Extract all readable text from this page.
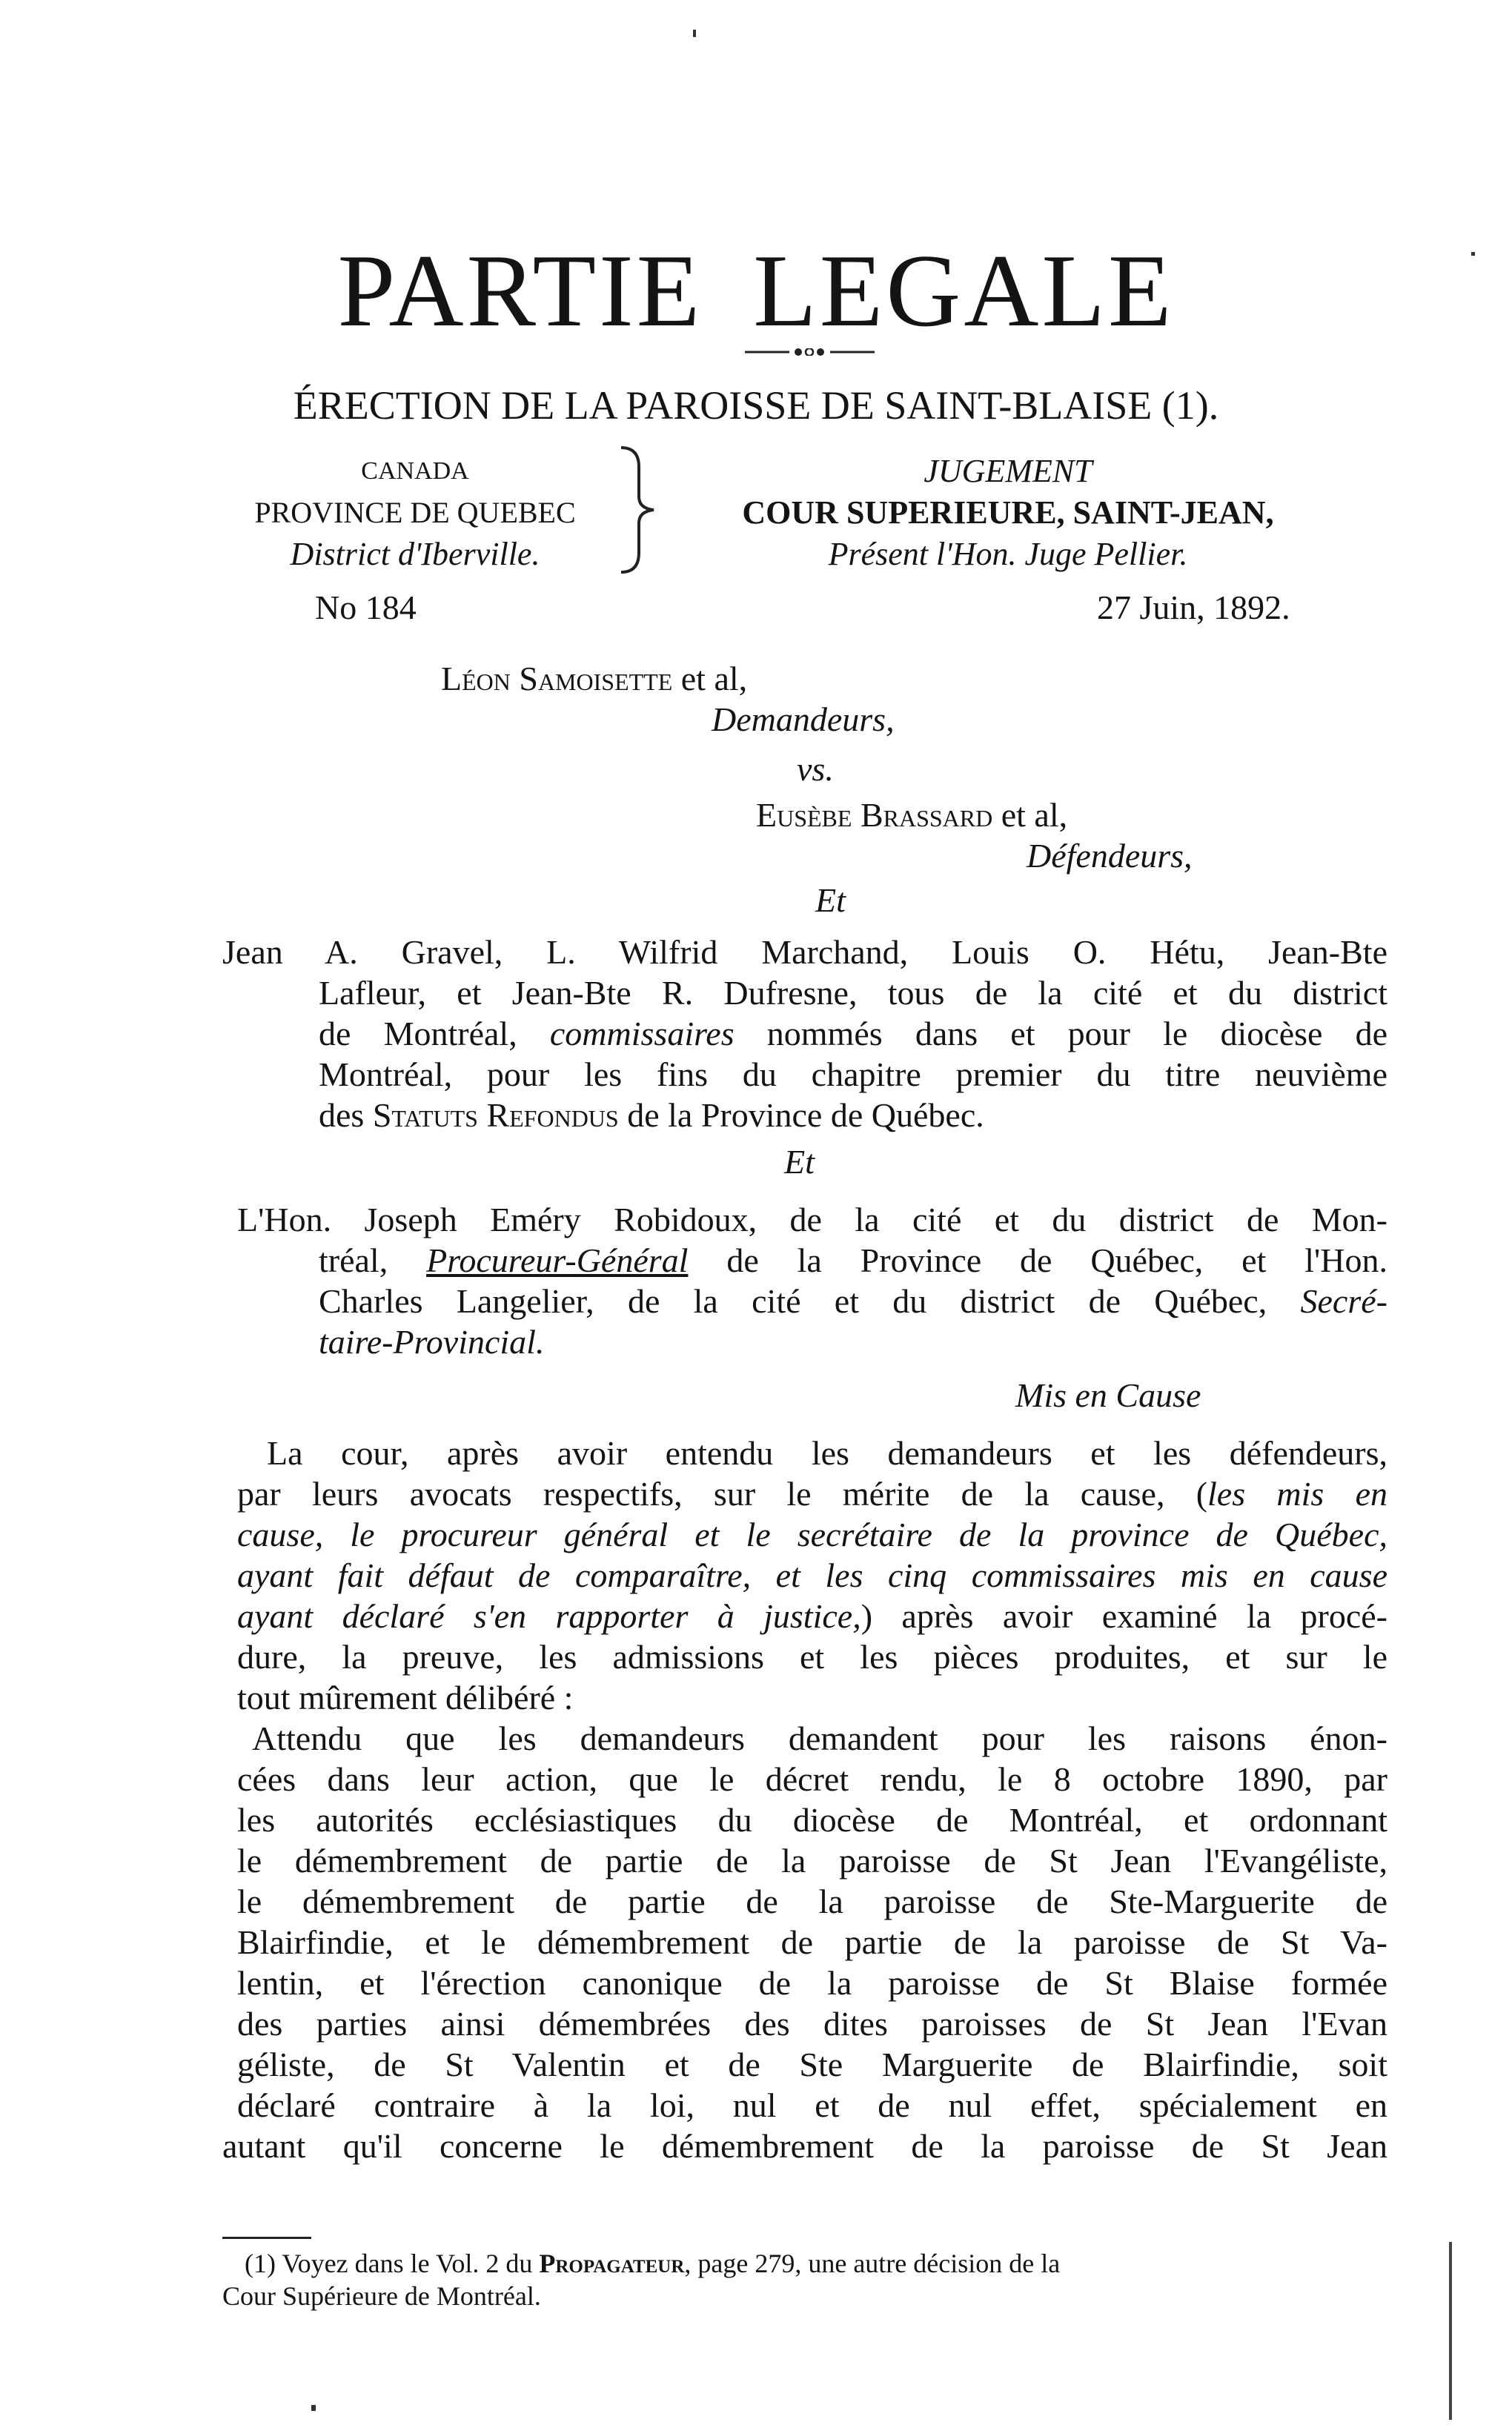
PARTIE LEGALE
ÉRECTION DE LA PAROISSE DE SAINT-BLAISE (1).
CANADA
PROVINCE DE QUEBEC
District d'Iberville.
JUGEMENT
COUR SUPERIEURE, SAINT-JEAN,
Présent l'Hon. Juge Pellier.
No 184	27 Juin, 1892.
Léon Samoisette et al,
Demandeurs,
vs.
Eusèbe Brassard et al,
Défendeurs,
Et
Jean A. Gravel, L. Wilfrid Marchand, Louis O. Hétu, Jean-Bte
Lafleur, et Jean-Bte R. Dufresne, tous de la cité et du district
de Montréal, commissaires nommés dans et pour le diocèse de
Montréal, pour les fins du chapitre premier du titre neuvième
des Statuts Refondus de la Province de Québec.
Et
L'Hon. Joseph Eméry Robidoux, de la cité et du district de Mon-
tréal, Procureur-Général de la Province de Québec, et l'Hon.
Charles Langelier, de la cité et du district de Québec, Secré-
taire-Provincial.
Mis en Cause
La cour, après avoir entendu les demandeurs et les défendeurs,
par leurs avocats respectifs, sur le mérite de la cause, (les mis en
cause, le procureur général et le secrétaire de la province de Québec,
ayant fait défaut de comparaître, et les cinq commissaires mis en cause
ayant déclaré s'en rapporter à justice,) après avoir examiné la procé-
dure, la preuve, les admissions et les pièces produites, et sur le
tout mûrement délibéré :
Attendu que les demandeurs demandent pour les raisons énon-
cées dans leur action, que le décret rendu, le 8 octobre 1890, par
les autorités ecclésiastiques du diocèse de Montréal, et ordonnant
le démembrement de partie de la paroisse de St Jean l'Evangéliste,
le démembrement de partie de la paroisse de Ste-Marguerite de
Blairfindie, et le démembrement de partie de la paroisse de St Va-
lentin, et l'érection canonique de la paroisse de St Blaise formée
des parties ainsi démembrées des dites paroisses de St Jean l'Evan
géliste, de St Valentin et de Ste Marguerite de Blairfindie, soit
déclaré contraire à la loi, nul et de nul effet, spécialement en
autant qu'il concerne le démembrement de la paroisse de St Jean
(1) Voyez dans le Vol. 2 du Propagateur, page 279, une autre décision de la
Cour Supérieure de Montréal.
